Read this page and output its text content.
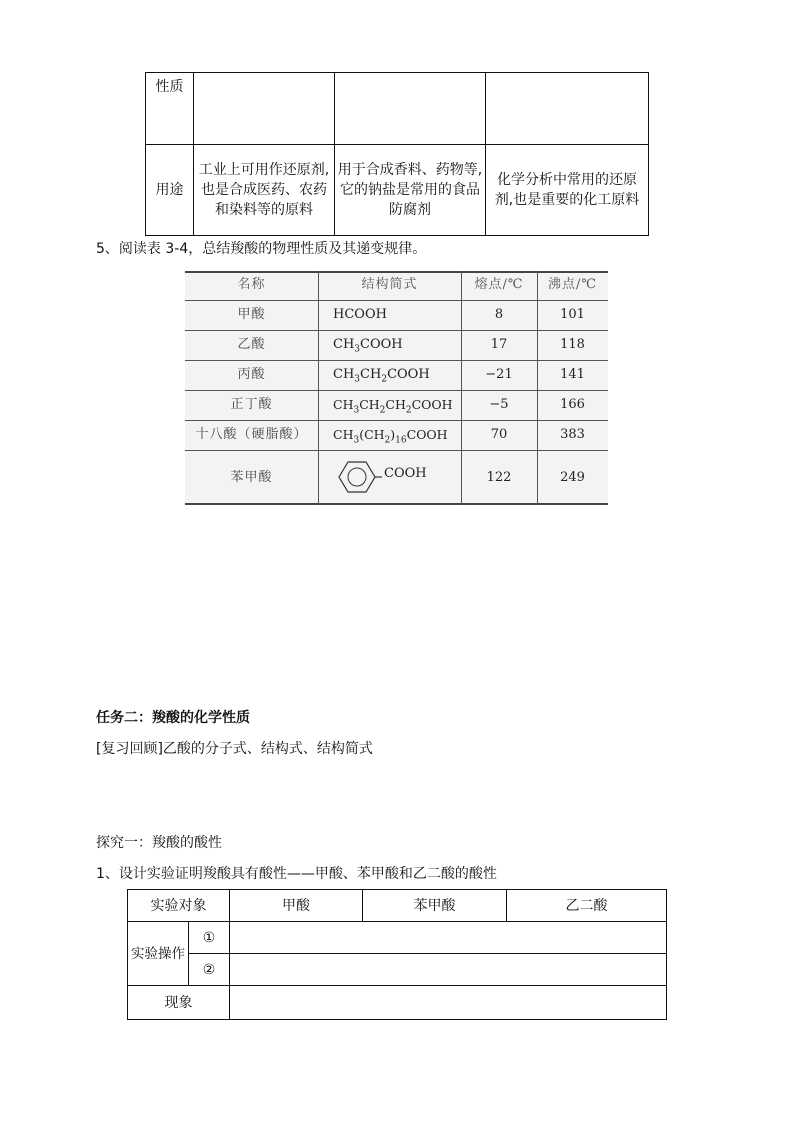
性质			
用途	工业上可用作还原剂,也是合成医药、农药和染料等的原料	用于合成香料、药物等,它的钠盐是常用的食品防腐剂	化学分析中常用的还原剂,也是重要的化工原料
5、阅读表 3-4，总结羧酸的物理性质及其递变规律。
名称	结构简式	熔点/℃	沸点/℃
甲酸	HCOOH	8	101
乙酸	$CH_3COOH$	17	118
丙酸	$CH_3CH_2COOH$	−21	141
正丁酸	$CH_3CH_2CH_2COOH$	−5	166
十八酸（硬脂酸）	$CH_3(CH_2)_{16}COOH$	70	383
苯甲酸	COOH	122	249
任务二：羧酸的化学性质
[复习回顾]乙酸的分子式、结构式、结构简式
探究一：羧酸的酸性
1、设计实验证明羧酸具有酸性——甲酸、苯甲酸和乙二酸的酸性
实验对象		甲酸	苯甲酸	乙二酸
实验操作	①			
	②			
现象				
